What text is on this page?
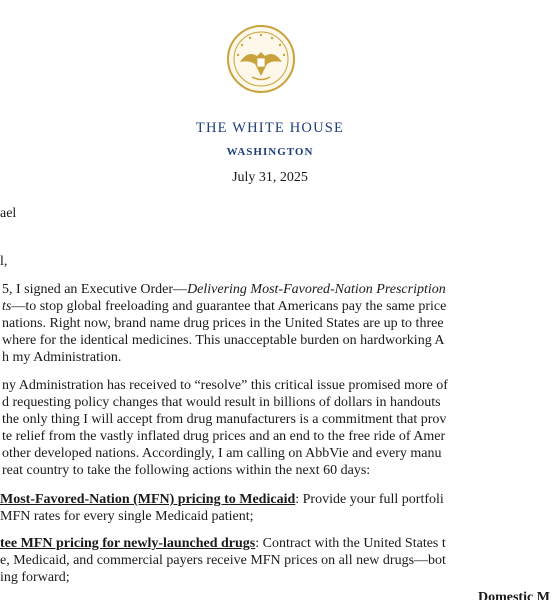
THE WHITE HOUSE
WASHINGTON
July 31, 2025
ael
l,
5, I signed an Executive Order—Delivering Most-Favored-Nation Prescription
ts—to stop global freeloading and guarantee that Americans pay the same price
nations. Right now, brand name drug prices in the United States are up to three
where for the identical medicines. This unacceptable burden on hardworking A
h my Administration.
ny Administration has received to “resolve” this critical issue promised more of
d requesting policy changes that would result in billions of dollars in handouts
the only thing I will accept from drug manufacturers is a commitment that prov
te relief from the vastly inflated drug prices and an end to the free ride of Amer
other developed nations. Accordingly, I am calling on AbbVie and every manu
reat country to take the following actions within the next 60 days:
Most-Favored-Nation (MFN) pricing to Medicaid: Provide your full portfoli
MFN rates for every single Medicaid patient;
tee MFN pricing for newly-launched drugs: Contract with the United States t
e, Medicaid, and commercial payers receive MFN prices on all new drugs—bot
ing forward;
Domestic M
